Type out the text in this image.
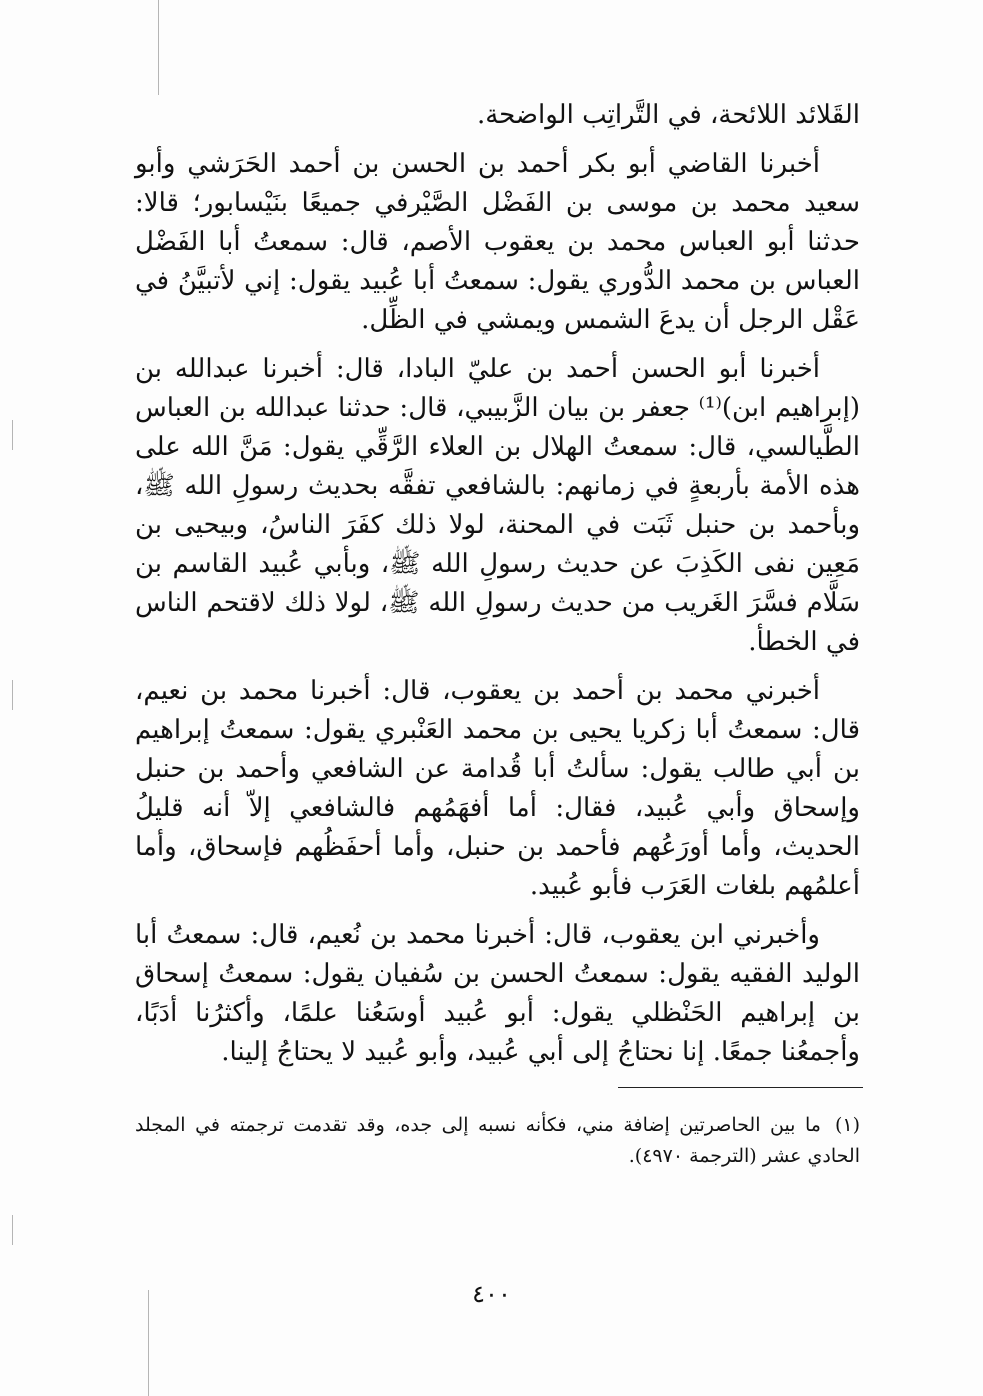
القَلائد اللائحة، في التَّراتِب الواضحة.

أخبرنا القاضي أبو بكر أحمد بن الحسن بن أحمد الحَرَشي وأبو سعيد محمد بن موسى بن الفَضْل الصَّيْرفي جميعًا بنَيْسابور؛ قالا: حدثنا أبو العباس محمد بن يعقوب الأصم، قال: سمعتُ أبا الفَضْل العباس بن محمد الدُّوري يقول: سمعتُ أبا عُبيد يقول: إني لأتبيَّنُ في عَقْل الرجل أن يدعَ الشمس ويمشي في الظِّل.

أخبرنا أبو الحسن أحمد بن عليّ البادا، قال: أخبرنا عبدالله بن (إبراهيم ابن)⁽¹⁾ جعفر بن بيان الزَّبيبي، قال: حدثنا عبدالله بن العباس الطَّيالسي، قال: سمعتُ الهلال بن العلاء الرَّقِّي يقول: مَنَّ الله على هذه الأمة بأربعةٍ في زمانهم: بالشافعي تفقَّه بحديث رسولِ الله ﷺ، وبأحمد بن حنبل ثَبَت في المحنة، لولا ذلك كفَرَ الناسُ، وبيحيى بن مَعِين نفى الكَذِبَ عن حديث رسولِ الله ﷺ، وبأبي عُبيد القاسم بن سَلَّام فسَّرَ الغَريب من حديث رسولِ الله ﷺ، لولا ذلك لاقتحم الناس في الخطأ.

أخبرني محمد بن أحمد بن يعقوب، قال: أخبرنا محمد بن نعيم، قال: سمعتُ أبا زكريا يحيى بن محمد العَنْبري يقول: سمعتُ إبراهيم بن أبي طالب يقول: سألتُ أبا قُدامة عن الشافعي وأحمد بن حنبل وإسحاق وأبي عُبيد، فقال: أما أفهَمُهم فالشافعي إلاّ أنه قليلُ الحديث، وأما أورَعُهم فأحمد بن حنبل، وأما أحفَظُهم فإسحاق، وأما أعلمُهم بلغات العَرَب فأبو عُبيد.

وأخبرني ابن يعقوب، قال: أخبرنا محمد بن نُعيم، قال: سمعتُ أبا الوليد الفقيه يقول: سمعتُ الحسن بن سُفيان يقول: سمعتُ إسحاق بن إبراهيم الحَنْظلي يقول: أبو عُبيد أوسَعُنا علمًا، وأكثرُنا أدَبًا، وأجمعُنا جمعًا. إنا نحتاجُ إلى أبي عُبيد، وأبو عُبيد لا يحتاجُ إلينا.

(١)ما بين الحاصرتين إضافة مني، فكأنه نسبه إلى جده، وقد تقدمت ترجمته في المجلد الحادي عشر (الترجمة ٤٩٧٠).

٤٠٠
